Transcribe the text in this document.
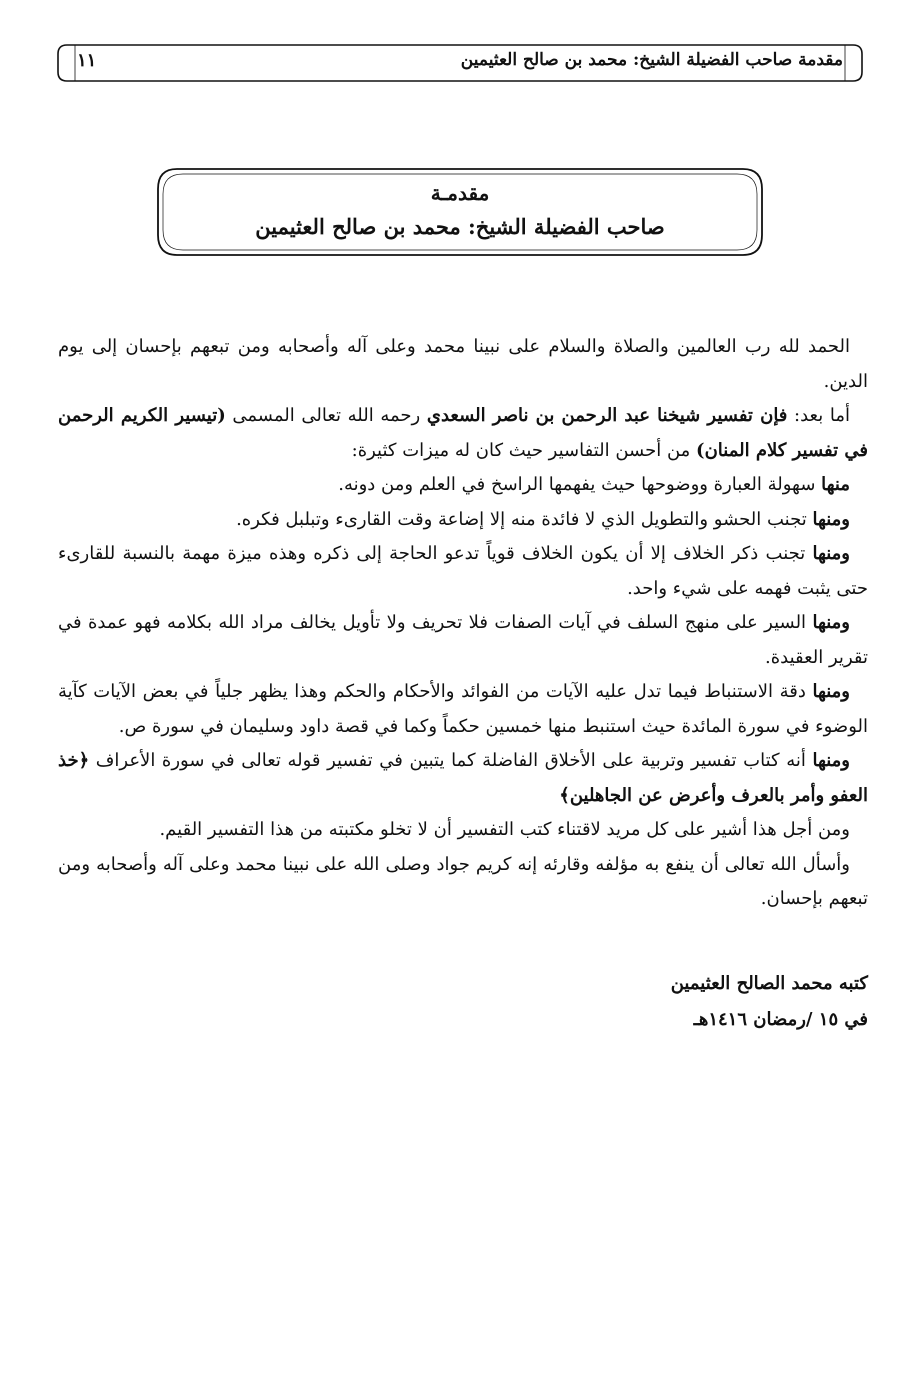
مقدمة صاحب الفضيلة الشيخ: محمد بن صالح العثيمين
١١
مقدمـة
صاحب الفضيلة الشيخ: محمد بن صالح العثيمين

الحمد لله رب العالمين والصلاة والسلام على نبينا محمد وعلى آله وأصحابه ومن تبعهم بإحسان إلى يوم الدين.

أما بعد: فإن تفسير شيخنا عبد الرحمن بن ناصر السعدي رحمه الله تعالى المسمى (تيسير الكريم الرحمن في تفسير كلام المنان) من أحسن التفاسير حيث كان له ميزات كثيرة:

منها سهولة العبارة ووضوحها حيث يفهمها الراسخ في العلم ومن دونه.

ومنها تجنب الحشو والتطويل الذي لا فائدة منه إلا إضاعة وقت القارىء وتبلبل فكره.

ومنها تجنب ذكر الخلاف إلا أن يكون الخلاف قوياً تدعو الحاجة إلى ذكره وهذه ميزة مهمة بالنسبة للقارىء حتى يثبت فهمه على شيء واحد.

ومنها السير على منهج السلف في آيات الصفات فلا تحريف ولا تأويل يخالف مراد الله بكلامه فهو عمدة في تقرير العقيدة.

ومنها دقة الاستنباط فيما تدل عليه الآيات من الفوائد والأحكام والحكم وهذا يظهر جلياً في بعض الآيات كآية الوضوء في سورة المائدة حيث استنبط منها خمسين حكماً وكما في قصة داود وسليمان في سورة ص.

ومنها أنه كتاب تفسير وتربية على الأخلاق الفاضلة كما يتبين في تفسير قوله تعالى في سورة الأعراف ﴿خذ العفو وأمر بالعرف وأعرض عن الجاهلين﴾

ومن أجل هذا أشير على كل مريد لاقتناء كتب التفسير أن لا تخلو مكتبته من هذا التفسير القيم.

وأسأل الله تعالى أن ينفع به مؤلفه وقارئه إنه كريم جواد وصلى الله على نبينا محمد وعلى آله وأصحابه ومن تبعهم بإحسان.

كتبه محمد الصالح العثيمين
في ١٥ /رمضان ١٤١٦هـ
